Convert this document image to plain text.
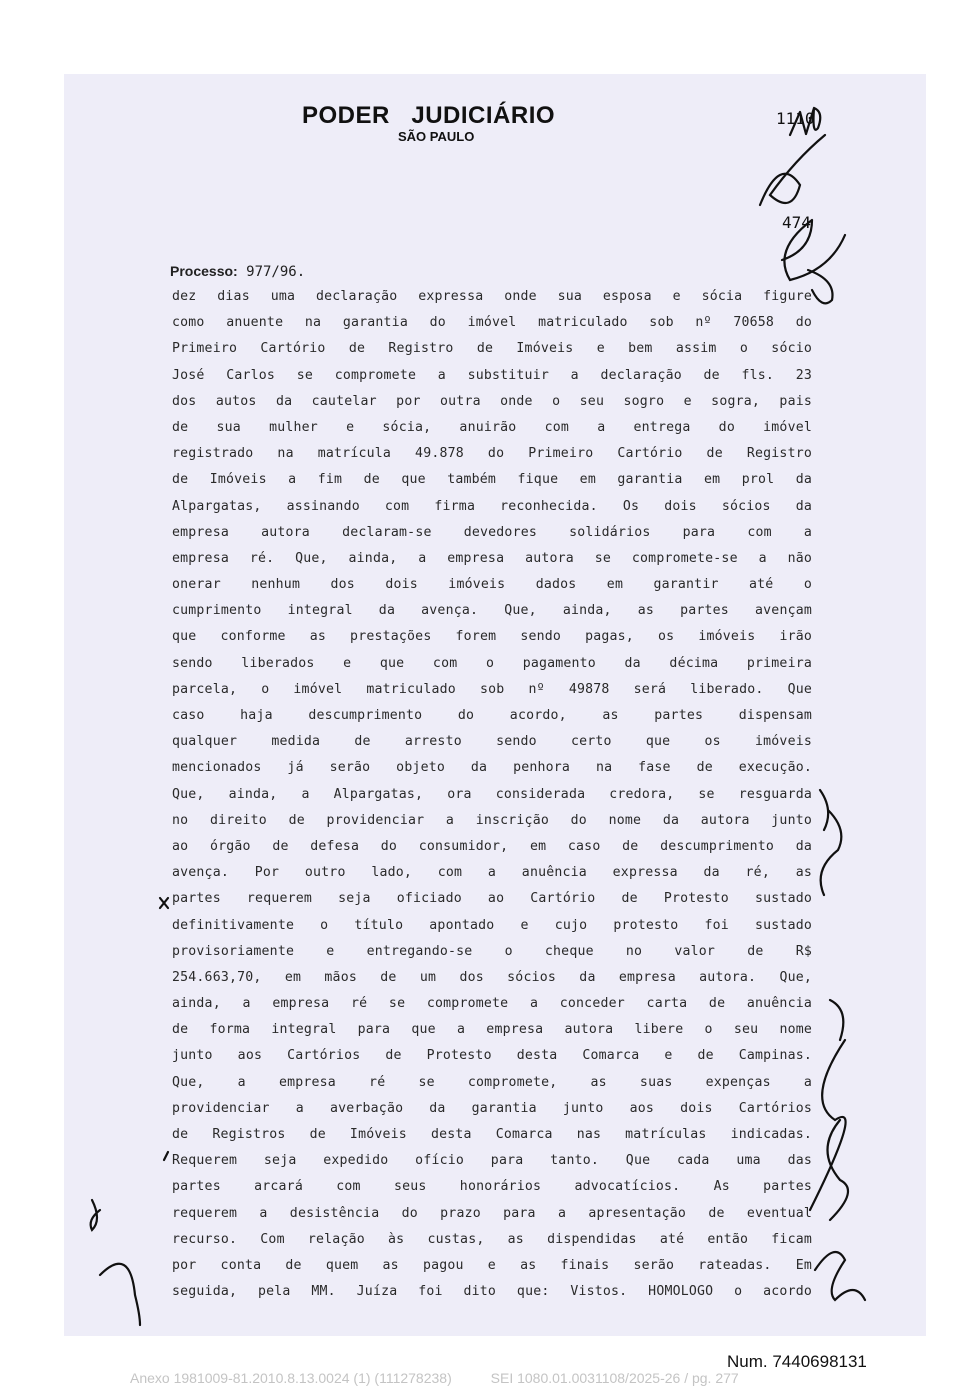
PODER   JUDICIÁRIO
SÃO PAULO
Processo: 977/96.
dez dias uma declaração expressa onde sua esposa e sócia figure
como anuente na garantia do imóvel matriculado sob nº 70658 do
Primeiro Cartório de Registro de Imóveis e bem assim o sócio
José Carlos se compromete a substituir a declaração de fls. 23
dos autos da cautelar por outra onde o seu sogro e sogra, pais
de sua mulher e sócia, anuirão com a entrega do imóvel
registrado na matrícula 49.878 do Primeiro Cartório de Registro
de Imóveis a fim de que também fique em garantia em prol da
Alpargatas, assinando com firma reconhecida. Os dois sócios da
empresa autora declaram-se devedores solidários para com a
empresa ré. Que, ainda, a empresa autora se compromete-se a não
onerar nenhum dos dois imóveis dados em garantir até o
cumprimento integral da avença. Que, ainda, as partes avençam
que conforme as prestações forem sendo pagas, os imóveis irão
sendo liberados e que com o pagamento da décima primeira
parcela, o imóvel matriculado sob nº 49878 será liberado. Que
caso haja descumprimento do acordo, as partes dispensam
qualquer medida de arresto sendo certo que os imóveis
mencionados já serão objeto da penhora na fase de execução.
Que, ainda, a Alpargatas, ora considerada credora, se resguarda
no direito de providenciar a inscrição do nome da autora junto
ao órgão de defesa do consumidor, em caso de descumprimento da
avença. Por outro lado, com a anuência expressa da ré, as
partes requerem seja oficiado ao Cartório de Protesto sustado
definitivamente o título apontado e cujo protesto foi sustado
provisoriamente e entregando-se o cheque no valor de R$
254.663,70, em mãos de um dos sócios da empresa autora. Que,
ainda, a empresa ré se compromete a conceder carta de anuência
de forma integral para que a empresa autora libere o seu nome
junto aos Cartórios de Protesto desta Comarca e de Campinas.
Que, a empresa ré se compromete, as suas expenças a
providenciar a averbação da garantia junto aos dois Cartórios
de Registros de Imóveis desta Comarca nas matrículas indicadas.
Requerem seja expedido ofício para tanto. Que cada uma das
partes arcará com seus honorários advocatícios. As partes
requerem a desistência do prazo para a apresentação de eventual
recurso. Com relação às custas, as dispendidas até então ficam
por conta de quem as pagou e as finais serão rateadas. Em
seguida, pela MM. Juíza foi dito que: Vistos. HOMOLOGO o acordo
474
1110
Num. 7440698131
Anexo 1981009-81.2010.8.13.0024 (1) (111278238)          SEI 1080.01.0031108/2025-26 / pg. 277
